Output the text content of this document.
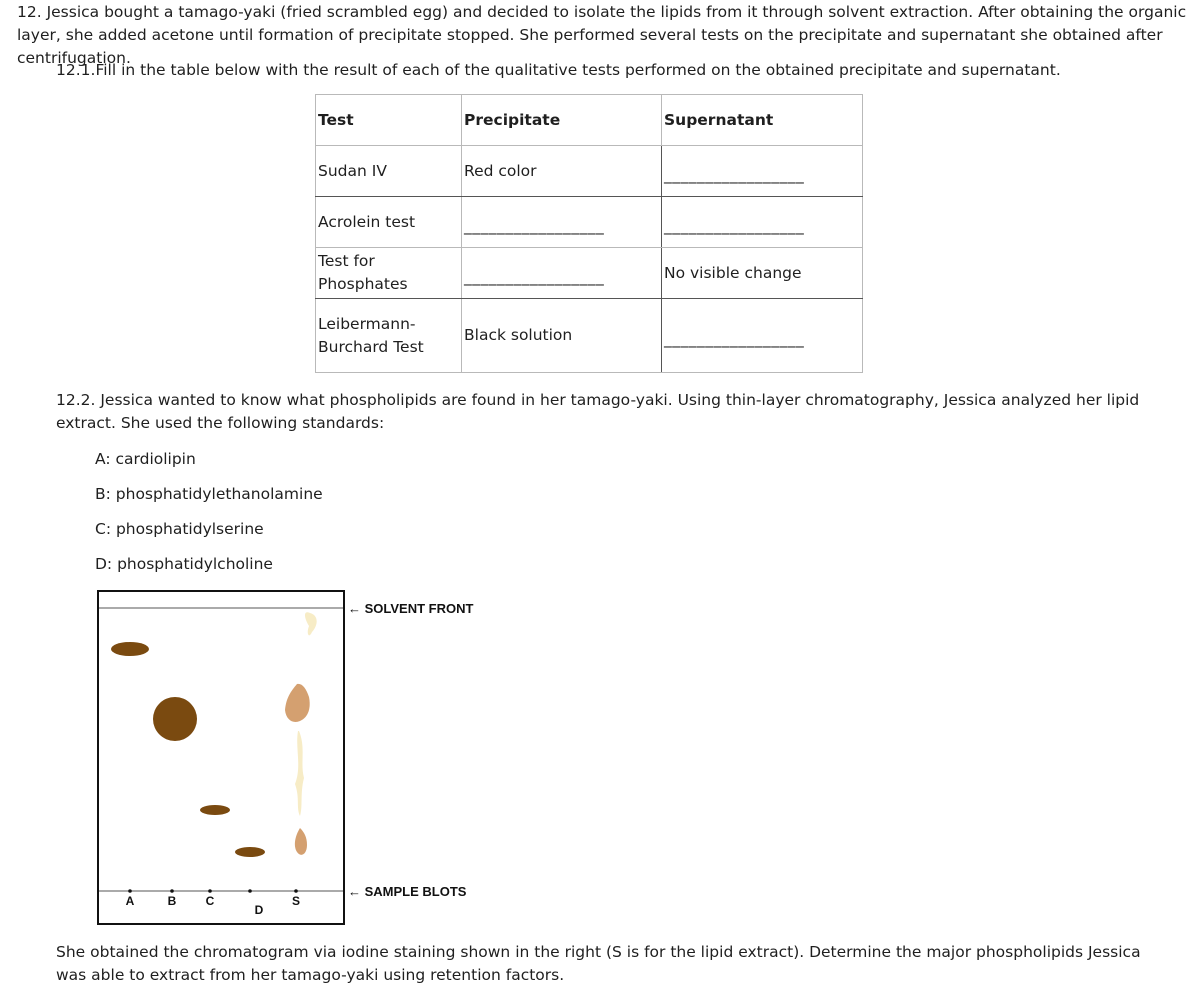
12. Jessica bought a tamago-yaki (fried scrambled egg) and decided to isolate the lipids from it through solvent extraction. After obtaining the organic layer, she added acetone until formation of precipitate stopped. She performed several tests on the precipitate and supernatant she obtained after centrifugation.

12.1.Fill in the table below with the result of each of the qualitative tests performed on the obtained precipitate and supernatant.

Test	Precipitate	Supernatant
Sudan IV	Red color	_________________
Acrolein test	_________________	_________________
Test for Phosphates	_________________	No visible change
Leibermann-Burchard Test	Black solution	_________________

12.2. Jessica wanted to know what phospholipids are found in her tamago-yaki. Using thin-layer chromatography, Jessica analyzed her lipid extract. She used the following standards:

A: cardiolipin
B: phosphatidylethanolamine
C: phosphatidylserine
D: phosphatidylcholine
A	B C
D
S
← SOLVENT FRONT
← SAMPLE BLOTS

She obtained the chromatogram via iodine staining shown in the right (S is for the lipid extract). Determine the major phospholipids Jessica was able to extract from her tamago-yaki using retention factors.
